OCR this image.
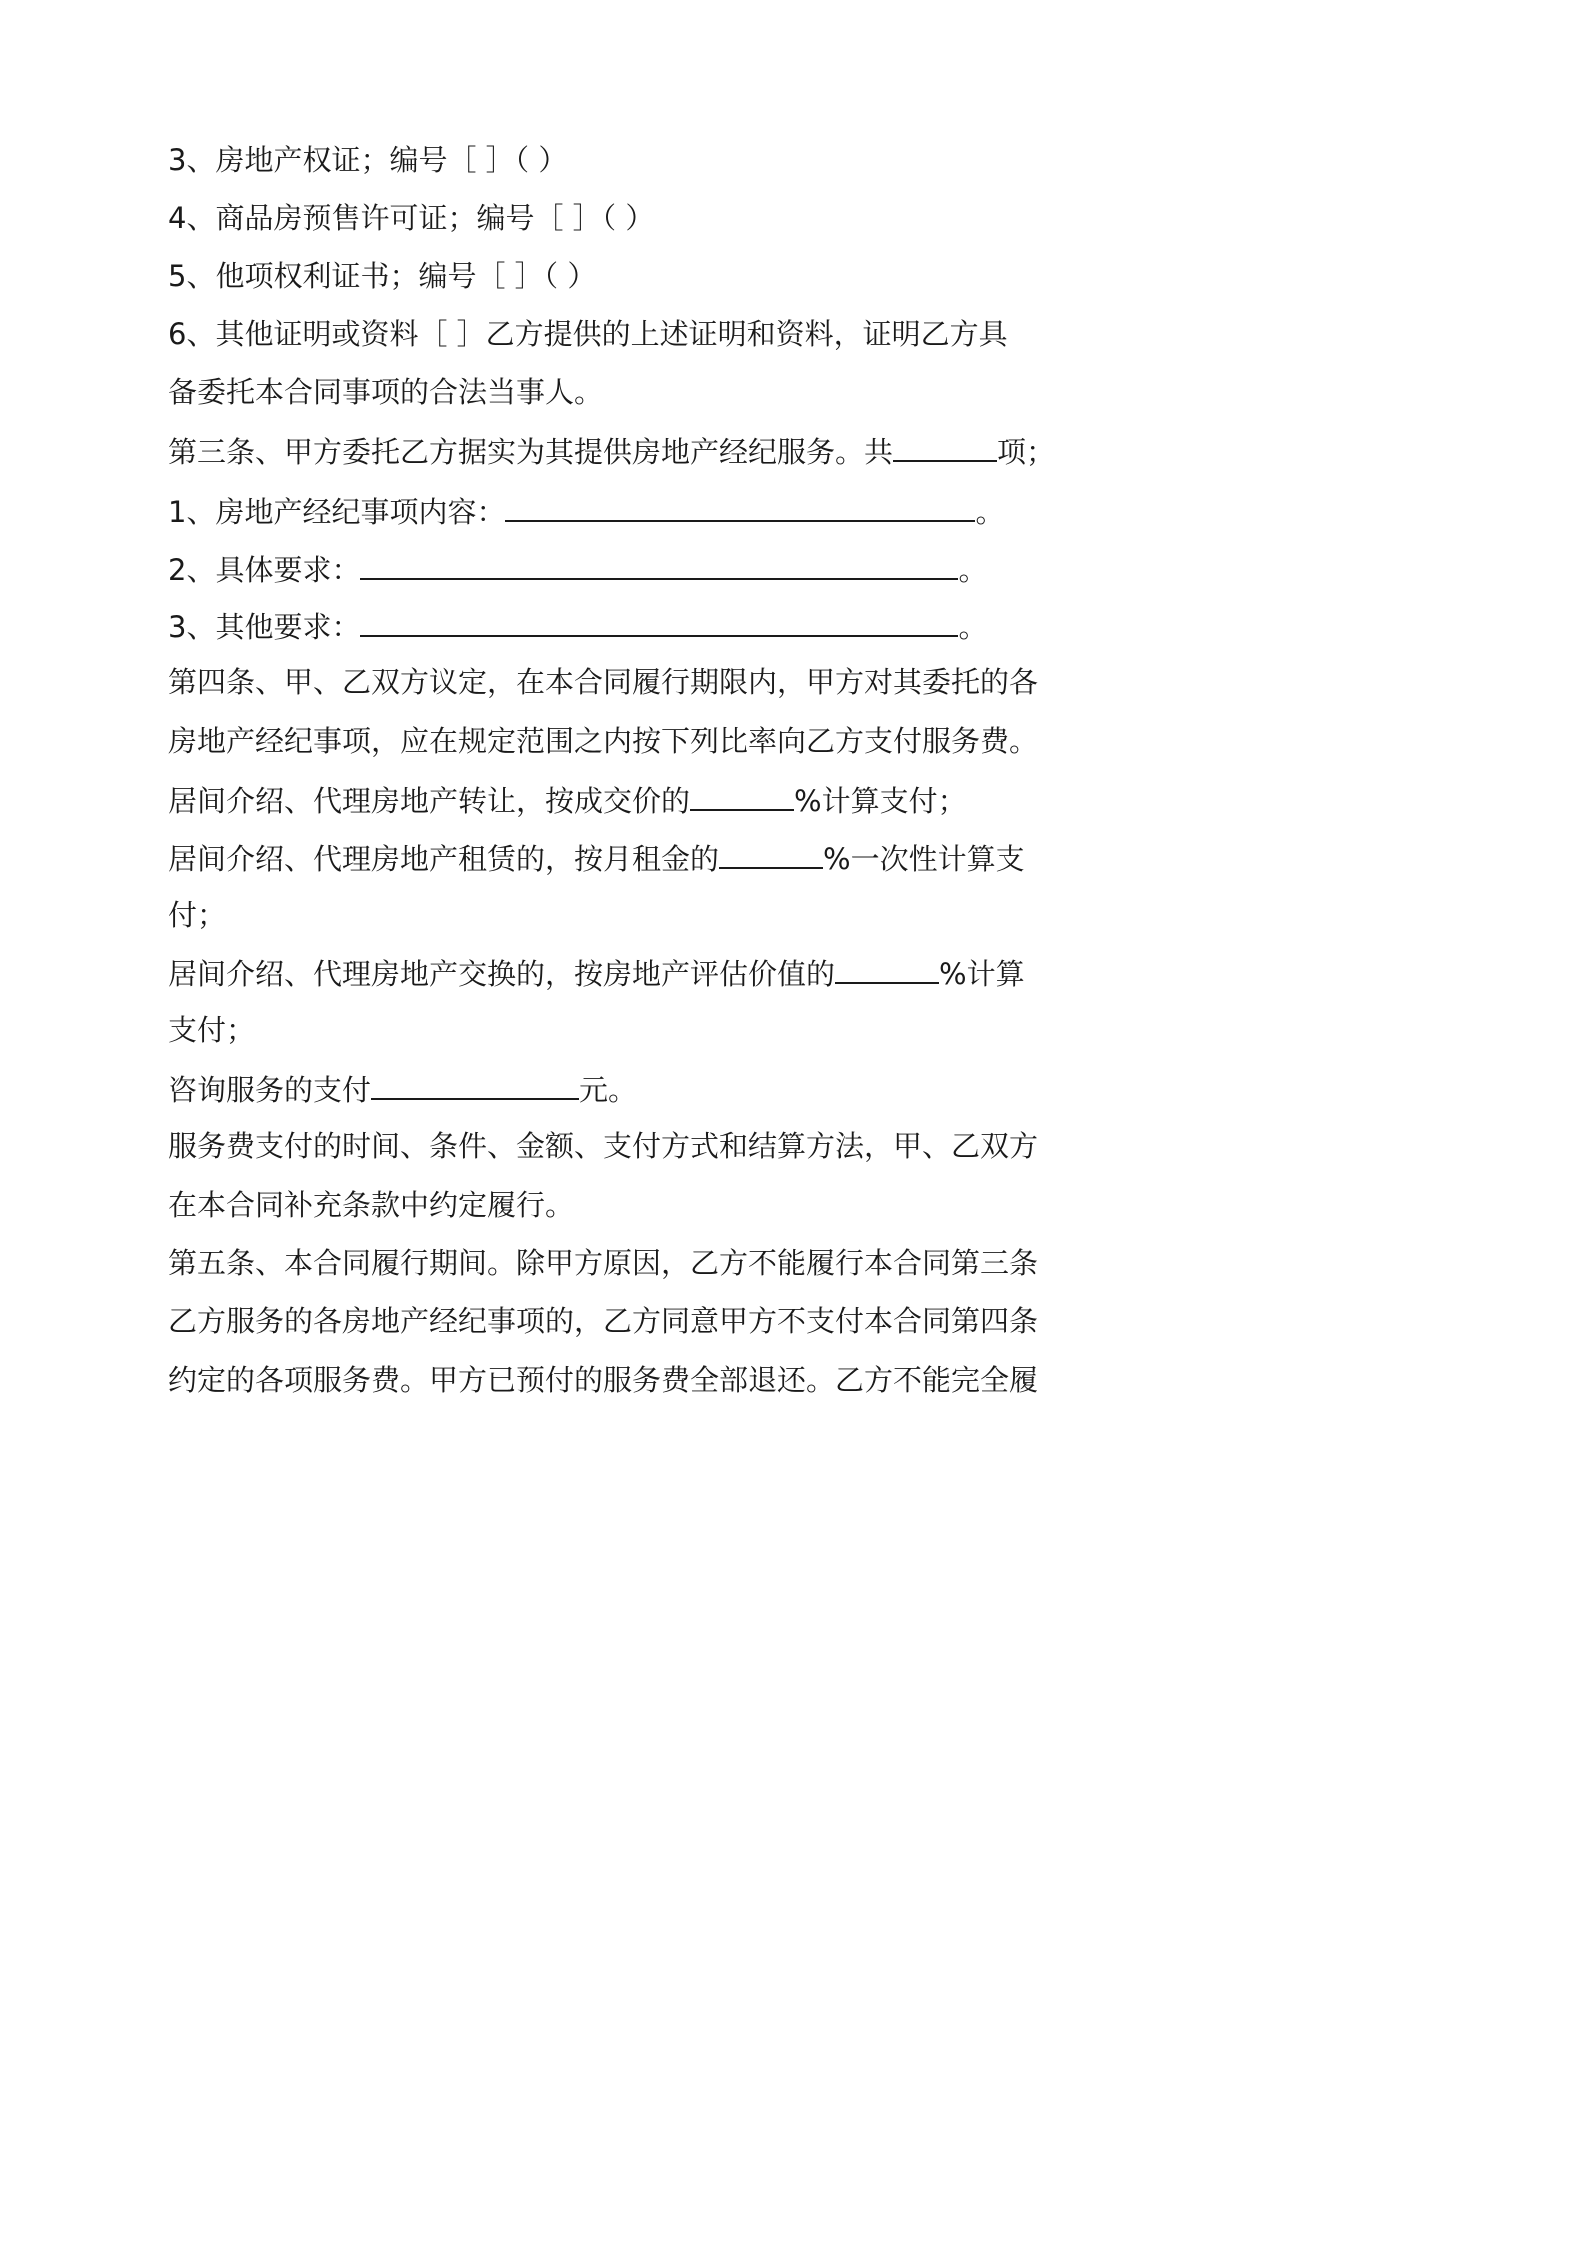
3、房地产权证；编号［ ］（ ）
4、商品房预售许可证；编号［ ］（ ）
5、他项权利证书；编号［ ］（ ）
6、其他证明或资料［ ］乙方提供的上述证明和资料，证明乙方具
备委托本合同事项的合法当事人。
第三条、甲方委托乙方据实为其提供房地产经纪服务。共	项；
1、房地产经纪事项内容：	。
2、具体要求：	。
3、其他要求：	。
第四条、甲、乙双方议定，在本合同履行期限内，甲方对其委托的各
房地产经纪事项，应在规定范围之内按下列比率向乙方支付服务费。
居间介绍、代理房地产转让，按成交价的	%计算支付；
居间介绍、代理房地产租赁的，按月租金的	%一次性计算支
付；
居间介绍、代理房地产交换的，按房地产评估价值的	%计算
支付；
咨询服务的支付	元。
服务费支付的时间、条件、金额、支付方式和结算方法，甲、乙双方
在本合同补充条款中约定履行。
第五条、本合同履行期间。除甲方原因，乙方不能履行本合同第三条
乙方服务的各房地产经纪事项的，乙方同意甲方不支付本合同第四条
约定的各项服务费。甲方已预付的服务费全部退还。乙方不能完全履
